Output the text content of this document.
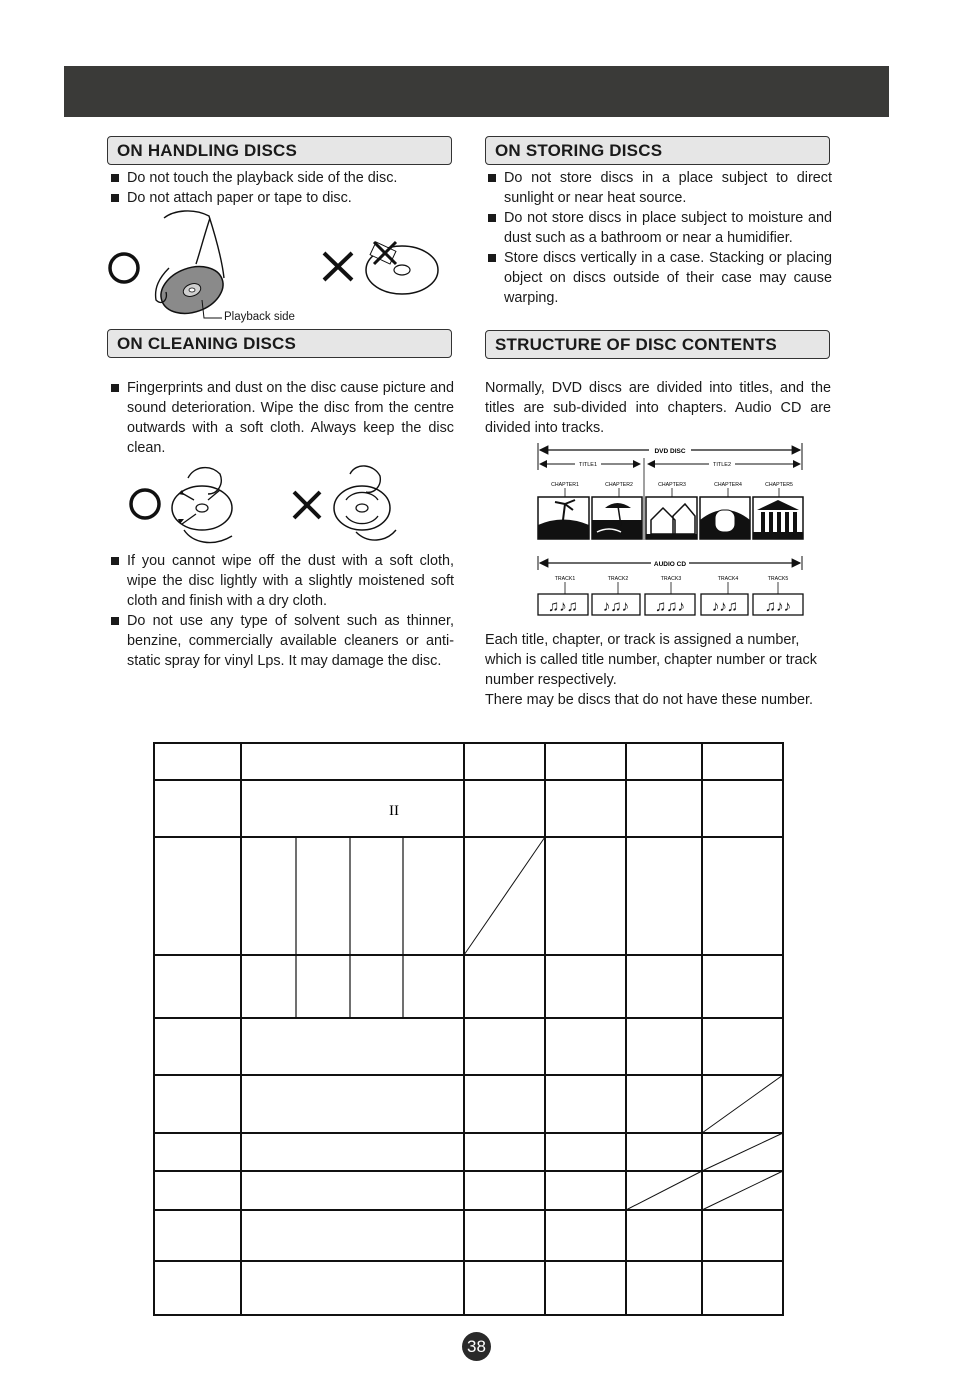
ON HANDLING DISCS
Do not touch the playback side of the disc.
Do not attach paper or tape to disc.
Playback side
ON STORING DISCS
Do not store discs in a place subject to direct sunlight or near heat source.
Do not store discs in place subject to moisture and dust such as a bathroom or near a humidifier.
Store discs vertically in a case. Stacking or placing object on discs outside of their case may cause warping.
ON CLEANING DISCS
Fingerprints and dust on the disc cause picture and sound deterioration. Wipe the disc from the centre outwards with a soft cloth. Always keep the disc clean.
If you cannot wipe off the dust with a soft cloth, wipe the disc lightly with a slightly moistened soft cloth and finish with a dry cloth.
Do not use any type of solvent such as thinner, benzine, commercially available cleaners or anti-static spray for vinyl Lps. It may damage the disc.
STRUCTURE OF DISC CONTENTS

Normally, DVD discs are divided into titles, and the titles are sub-divided into chapters. Audio CD are divided into tracks.

DVD DISC
TITLE1	TITLE2
CHAPTER1	CHAPTER2	CHAPTER3	CHAPTER4	CHAPTER5
AUDIO CD
TRACK1	TRACK2	TRACK3	TRACK4	TRACK5
♫♪♫ ♪♫♪ ♫♫♪ ♪♪♫ ♫♪♪

Each title, chapter, or track is assigned a number, which is called title number, chapter number or track number respectively.

There may be discs that do not have these number.

II
38
